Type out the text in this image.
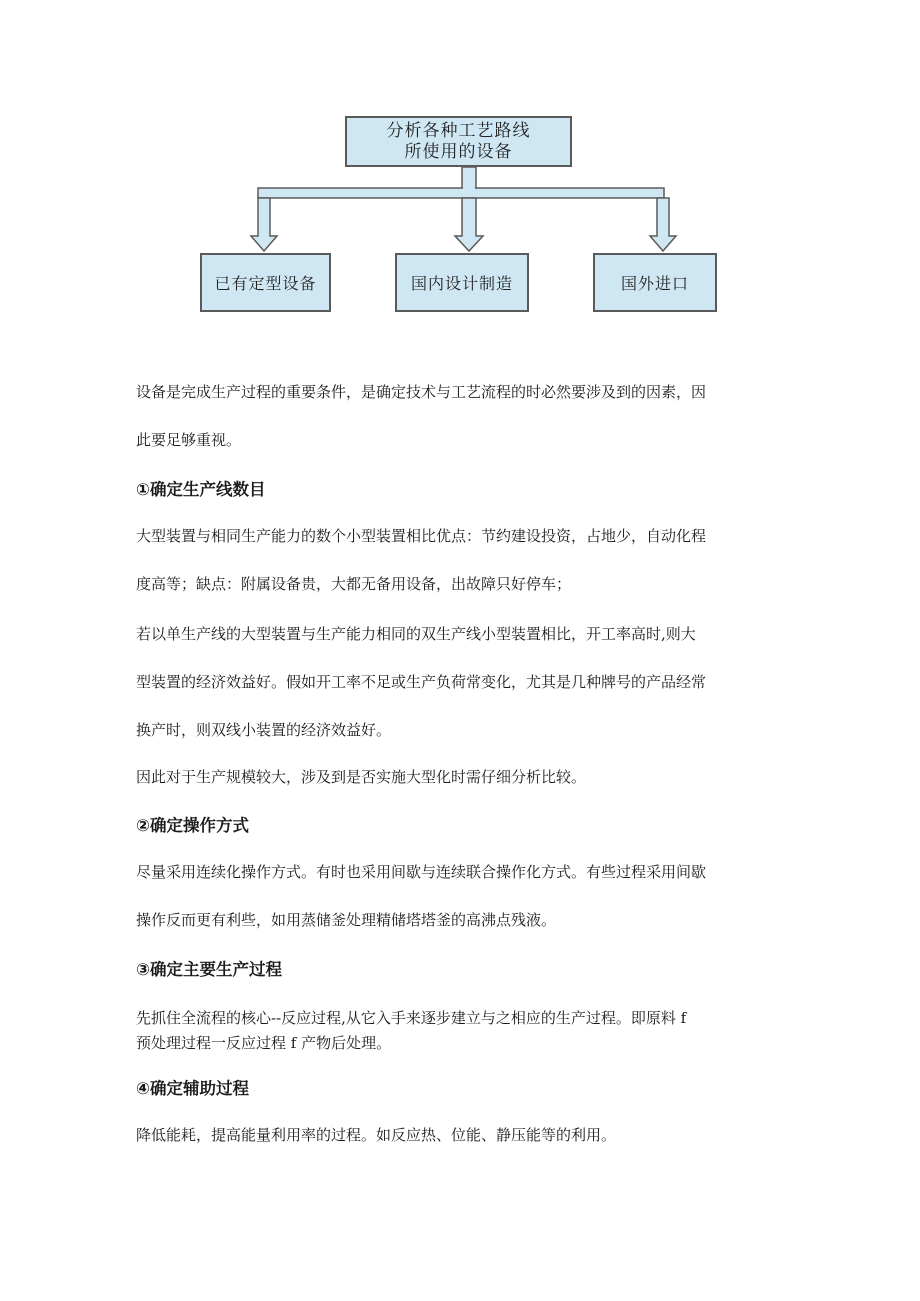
分析各种工艺路线
所使用的设备
已有定型设备	国内设计制造	国外进口
设备是完成生产过程的重要条件，是确定技术与工艺流程的时必然要涉及到的因素，因
此要足够重视。
①确定生产线数目
大型装置与相同生产能力的数个小型装置相比优点：节约建设投资，占地少，自动化程
度高等；缺点：附属设备贵，大都无备用设备，出故障只好停车；
若以单生产线的大型装置与生产能力相同的双生产线小型装置相比，开工率高时,则大
型装置的经济效益好。假如开工率不足或生产负荷常变化，尤其是几种牌号的产品经常
换产时，则双线小装置的经济效益好。
因此对于生产规模较大，涉及到是否实施大型化时需仔细分析比较。
②确定操作方式
尽量采用连续化操作方式。有时也采用间歇与连续联合操作化方式。有些过程采用间歇
操作反而更有利些，如用蒸储釜处理精储塔塔釜的高沸点残液。
③确定主要生产过程
先抓住全流程的核心--反应过程,从它入手来逐步建立与之相应的生产过程。即原料 f
预处理过程一反应过程 f 产物后处理。
④确定辅助过程
降低能耗，提高能量利用率的过程。如反应热、位能、静压能等的利用。
